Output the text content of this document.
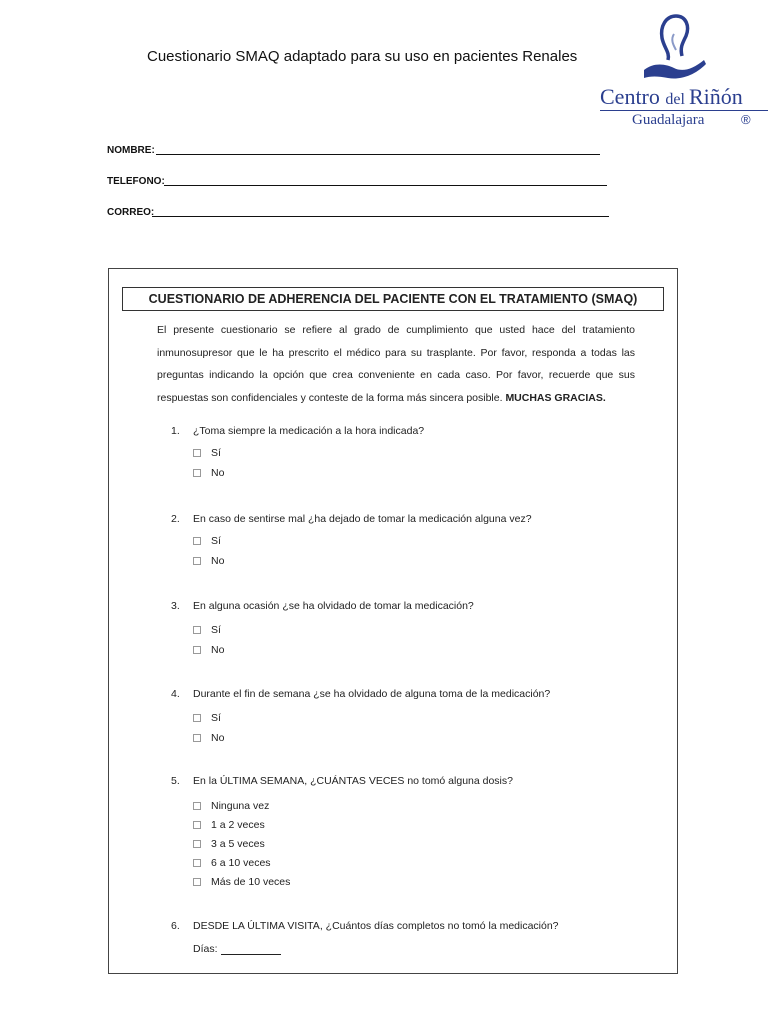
Cuestionario SMAQ adaptado para su uso en pacientes Renales
Centro del Riñón
Guadalajara	®
NOMBRE:
TELEFONO:
CORREO:
CUESTIONARIO DE ADHERENCIA DEL PACIENTE CON EL TRATAMIENTO (SMAQ)
El presente cuestionario se refiere al grado de cumplimiento que usted hace del tratamiento inmunosupresor que le ha prescrito el médico para su trasplante. Por favor, responda a todas las preguntas indicando la opción que crea conveniente en cada caso. Por favor, recuerde que sus respuestas son confidenciales y conteste de la forma más sincera posible. MUCHAS GRACIAS.
1. ¿Toma siempre la medicación a la hora indicada?
Sí
No
2. En caso de sentirse mal ¿ha dejado de tomar la medicación alguna vez?
Sí
No
3. En alguna ocasión ¿se ha olvidado de tomar la medicación?
Sí
No
4. Durante el fin de semana ¿se ha olvidado de alguna toma de la medicación?
Sí
No
5. En la ÚLTIMA SEMANA, ¿CUÁNTAS VECES no tomó alguna dosis?
Ninguna vez
1 a 2 veces
3 a 5 veces
6 a 10 veces
Más de 10 veces
6. DESDE LA ÚLTIMA VISITA, ¿Cuántos días completos no tomó la medicación?
Días:
